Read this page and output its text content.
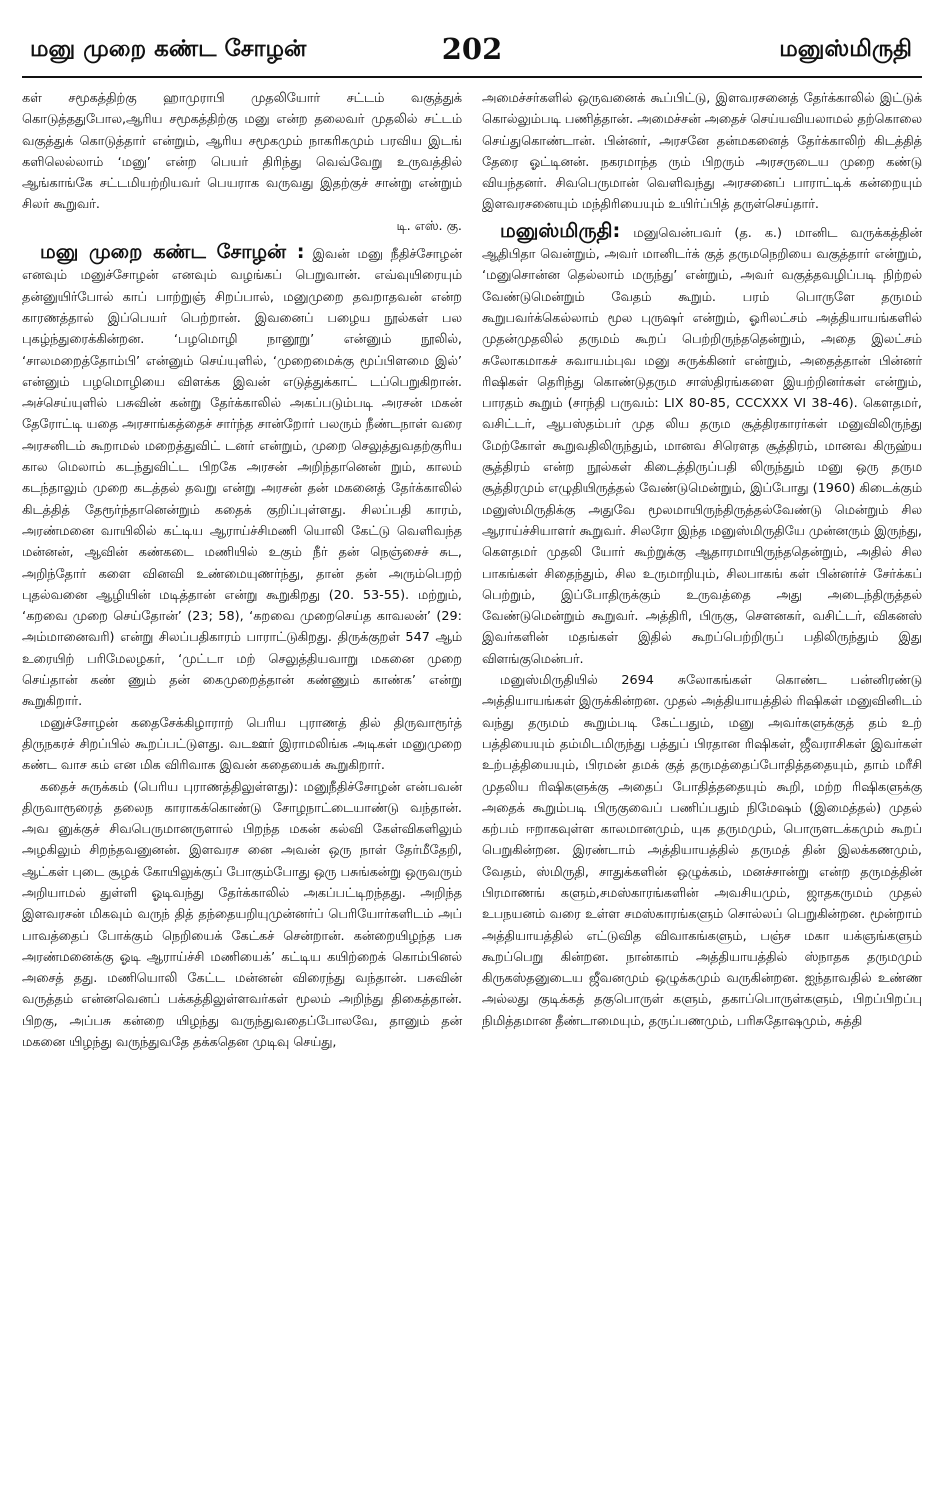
மனு முறை கண்ட சோழன்	202	மனுஸ்மிருதி

கள் சமூகத்திற்கு ஹாமுராபி முதலியோர் சட்டம் வகுத்துக் கொடுத்ததுபோல,ஆரிய சமூகத்திற்கு மனு என்ற தலைவர் முதலில் சட்டம் வகுத்துக் கொடுத்தார் என்றும், ஆரிய சமூகமும் நாகரிகமும் பரவிய இடங் களிலெல்லாம் ‘மனு’ என்ற பெயர் திரிந்து வெவ்வேறு உருவத்தில் ஆங்காங்கே சட்டமியற்றியவர் பெயராக வருவது இதற்குச் சான்று என்றும் சிலர் கூறுவர்.

டி. எஸ். கு.

மனு முறை கண்ட சோழன் : இவன் மனு நீதிச்சோழன் எனவும் மனுச்சோழன் எனவும் வழங்கப் பெறுவான். எவ்வுயிரையும் தன்னுயிர்போல் காப் பாற்றுஞ் சிறப்பால், மனுமுறை தவறாதவன் என்ற காரணத்தால் இப்பெயர் பெற்றான். இவனைப் பழைய நூல்கள் பல புகழ்ந்துரைக்கின்றன. ‘பழமொழி நானூறு’ என்னும் நூலில், ‘சாலமறைத்தோம்பி’ என்னும் செய்யுளில், ‘முறைமைக்கு மூப்பிளமை இல்’ என்னும் பழமொழியை விளக்க இவன் எடுத்துக்காட் டப்பெறுகிறான். அச்செய்யுளில் பசுவின் கன்று தேர்க்காலில் அகப்படும்படி அரசன் மகன் தேரோட்டி யதை அரசாங்கத்தைச் சார்ந்த சான்றோர் பலரும் நீண்டநாள் வரை அரசனிடம் கூறாமல் மறைத்துவிட் டனர் என்றும், முறை செலுத்துவதற்குரிய கால மெலாம் கடந்துவிட்ட பிறகே அரசன் அறிந்தானென் றும், காலம் கடந்தாலும் முறை கடத்தல் தவறு என்று அரசன் தன் மகனைத் தேர்க்காலில் கிடத்தித் தேரூர்ந்தானென்றும் கதைக் குறிப்புள்ளது. சிலப்பதி காரம், அரண்மனை வாயிலில் கட்டிய ஆராய்ச்சிமணி யொலி கேட்டு வெளிவந்த மன்னன், ஆவின் கண்கடை மணியில் உகும் நீர் தன் நெஞ்சைச் சுட, அறிந்தோர் களை வினவி உண்மையுணர்ந்து, தான் தன் அரும்பெறற் புதல்வனை ஆழியின் மடித்தான் என்று கூறுகிறது (20. 53-55). மற்றும், ‘கறவை முறை செய்தோன்’ (23; 58), ‘கறவை முறைசெய்த காவலன்’ (29: அம்மானைவரி) என்று சிலப்பதிகாரம் பாராட்டுகிறது. திருக்குறள் 547 ஆம் உரையிற் பரிமேலழகர், ‘முட்டா மற் செலுத்தியவாறு மகனை முறை செய்தான் கண் ணும் தன் கைமுறைத்தான் கண்ணும் காண்க’ என்று கூறுகிறார்.

மனுச்சோழன் கதைசேக்கிழாராற் பெரிய புராணத் தில் திருவாரூர்த் திருநகரச் சிறப்பில் கூறப்பட்டுளது. வடஊர் இராமலிங்க அடிகள் மனுமுறை கண்ட வாச கம் என மிக விரிவாக இவன் கதையைக் கூறுகிறார்.

கதைச் சுருக்கம் (பெரிய புராணத்திலுள்ளது): மனுநீதிச்சோழன் என்பவன் திருவாரூரைத் தலைந காராகக்கொண்டு சோழநாட்டையாண்டு வந்தான். அவ னுக்குச் சிவபெருமானருளால் பிறந்த மகன் கல்வி கேள்விகளிலும் அழகிலும் சிறந்தவனுனன். இளவரச னை அவன் ஒரு நாள் தேர்மீதேறி, ஆட்கள் புடை சூழக் கோயிலுக்குப் போகும்போது ஒரு பசுங்கன்று ஒருவரும் அறியாமல் துள்ளி ஓடிவந்து தேர்க்காலில் அகப்பட்டிறந்தது. அறிந்த இளவரசன் மிகவும் வருந் தித் தந்தையறியுமுன்னர்ப் பெரியோர்களிடம் அப் பாவத்தைப் போக்கும் நெறியைக் கேட்கச் சென்றான். கன்றையிழந்த பசு அரண்மனைக்கு ஓடி ஆராய்ச்சி மணியைக்’ கட்டிய கயிற்றைக் கொம்பினல் அசைத் தது. மணியொலி கேட்ட மன்னன் விரைந்து வந்தான். பசுவின் வருத்தம் என்னவெனப் பக்கத்திலுள்ளவர்கள் மூலம் அறிந்து திகைத்தான். பிறகு, அப்பசு கன்றை யிழந்து வருந்துவதைப்போலவே, தானும் தன் மகனை யிழந்து வருந்துவதே தக்கதென முடிவு செய்து,

அமைச்சர்களில் ஒருவனைக் கூப்பிட்டு, இளவரசனைத் தேர்க்காலில் இட்டுக் கொல்லும்படி பணித்தான். அமைச்சன் அதைச் செய்யவியலாமல் தற்கொலை செய்துகொண்டான். பின்னர், அரசனே தன்மகனைத் தேர்க்காலிற் கிடத்தித் தேரை ஓட்டினன். நகரமாந்த ரும் பிறரும் அரசருடைய முறை கண்டு வியந்தனர். சிவபெருமான் வெளிவந்து அரசனைப் பாராட்டிக் கன்றையும் இளவரசனையும் மந்திரியையும் உயிர்ப்பித் தருள்செய்தார்.

மனுஸ்மிருதி: மனுவென்பவர் (த. க.) மானிட வருக்கத்தின் ஆதிபிதா வென்றும், அவர் மானிடர்க் குத் தருமநெறியை வகுத்தார் என்றும், ‘மனுசொன்ன தெல்லாம் மருந்து’ என்றும், அவர் வகுத்தவழிப்படி நிற்றல் வேண்டுமென்றும் வேதம் கூறும். பரம் பொருளே தருமம் கூறுபவர்க்கெல்லாம் மூல புருஷர் என்றும், ஓரிலட்சம் அத்தியாயங்களில் முதன்முதலில் தருமம் கூறப் பெற்றிருந்ததென்றும், அதை இலட்சம் சுலோகமாகச் சுவாயம்புவ மனு சுருக்கினர் என்றும், அதைத்தான் பின்னர் ரிஷிகள் தெரிந்து கொண்டுதரும சாஸ்திரங்களை இயற்றினர்கள் என்றும், பாரதம் கூறும் (சாந்தி பருவம்: LIX 80-85, CCCXXX VI 38-46). கௌதமர், வசிட்டர், ஆபஸ்தம்பர் முத லிய தரும சூத்திரகாரர்கள் மனுவிலிருந்து மேற்கோள் கூறுவதிலிருந்தும், மானவ சிரௌத சூத்திரம், மானவ கிருஹ்ய சூத்திரம் என்ற நூல்கள் கிடைத்திருப்பதி லிருந்தும் மனு ஒரு தரும சூத்திரமும் எழுதியிருத்தல் வேண்டுமென்றும், இப்போது (1960) கிடைக்கும் மனுஸ்மிருதிக்கு அதுவே மூலமாயிருந்திருத்தல்வேண்டு மென்றும் சில ஆராய்ச்சியாளர் கூறுவர். சிலரோ இந்த மனுஸ்மிருதியே முன்னரும் இருந்து, கௌதமர் முதலி யோர் கூற்றுக்கு ஆதாரமாயிருந்ததென்றும், அதில் சில பாகங்கள் சிதைந்தும், சில உருமாறியும், சிலபாகங் கள் பின்னர்ச் சேர்க்கப் பெற்றும், இப்போதிருக்கும் உருவத்தை அது அடைந்திருத்தல் வேண்டுமென்றும் கூறுவர். அத்திரி, பிருகு, சௌனகர், வசிட்டர், விகனஸ் இவர்களின் மதங்கள் இதில் கூறப்பெற்றிருப் பதிலிருந்தும் இது விளங்குமென்பர்.

மனுஸ்மிருதியில் 2694 சுலோகங்கள் கொண்ட பன்னிரண்டு அத்தியாயங்கள் இருக்கின்றன. முதல் அத்தியாயத்தில் ரிஷிகள் மனுவினிடம் வந்து தருமம் கூறும்படி கேட்பதும், மனு அவர்களுக்குத் தம் உற் பத்தியையும் தம்மிடமிருந்து பத்துப் பிரதான ரிஷிகள், ஜீவராசிகள் இவர்கள் உற்பத்தியையும், பிரமன் தமக் குத் தருமத்தைப்போதித்ததையும், தாம் மரீசி முதலிய ரிஷிகளுக்கு அதைப் போதித்ததையும் கூறி, மற்ற ரிஷிகளுக்கு அதைக் கூறும்படி பிருகுவைப் பணிப்பதும் நிமேஷம் (இமைத்தல்) முதல் கற்பம் ஈறாகவுள்ள காலமானமும், யுக தருமமும், பொருளடக்கமும் கூறப் பெறுகின்றன. இரண்டாம் அத்தியாயத்தில் தருமத் தின் இலக்கணமும், வேதம், ஸ்மிருதி, சாதுக்களின் ஒழுக்கம், மனச்சான்று என்ற தருமத்தின் பிரமாணங் களும்,சமஸ்காரங்களின் அவசியமும், ஜாதகருமம் முதல் உபநயனம் வரை உள்ள சமஸ்காரங்களும் சொல்லப் பெறுகின்றன. மூன்றாம் அத்தியாயத்தில் எட்டுவித விவாகங்களும், பஞ்ச மகா யக்ஞங்களும் கூறப்பெறு கின்றன. நான்காம் அத்தியாயத்தில் ஸ்நாதக தருமமும் கிருகஸ்தனுடைய ஜீவனமும் ஒழுக்கமும் வருகின்றன. ஐந்தாவதில் உண்ண அல்லது குடிக்கத் தகுபொருள் களும், தகாப்பொருள்களும், பிறப்பிறப்பு நிமித்தமான தீண்டாமையும், தருப்பணமும், பரிசுதோஷமும், சுத்தி
